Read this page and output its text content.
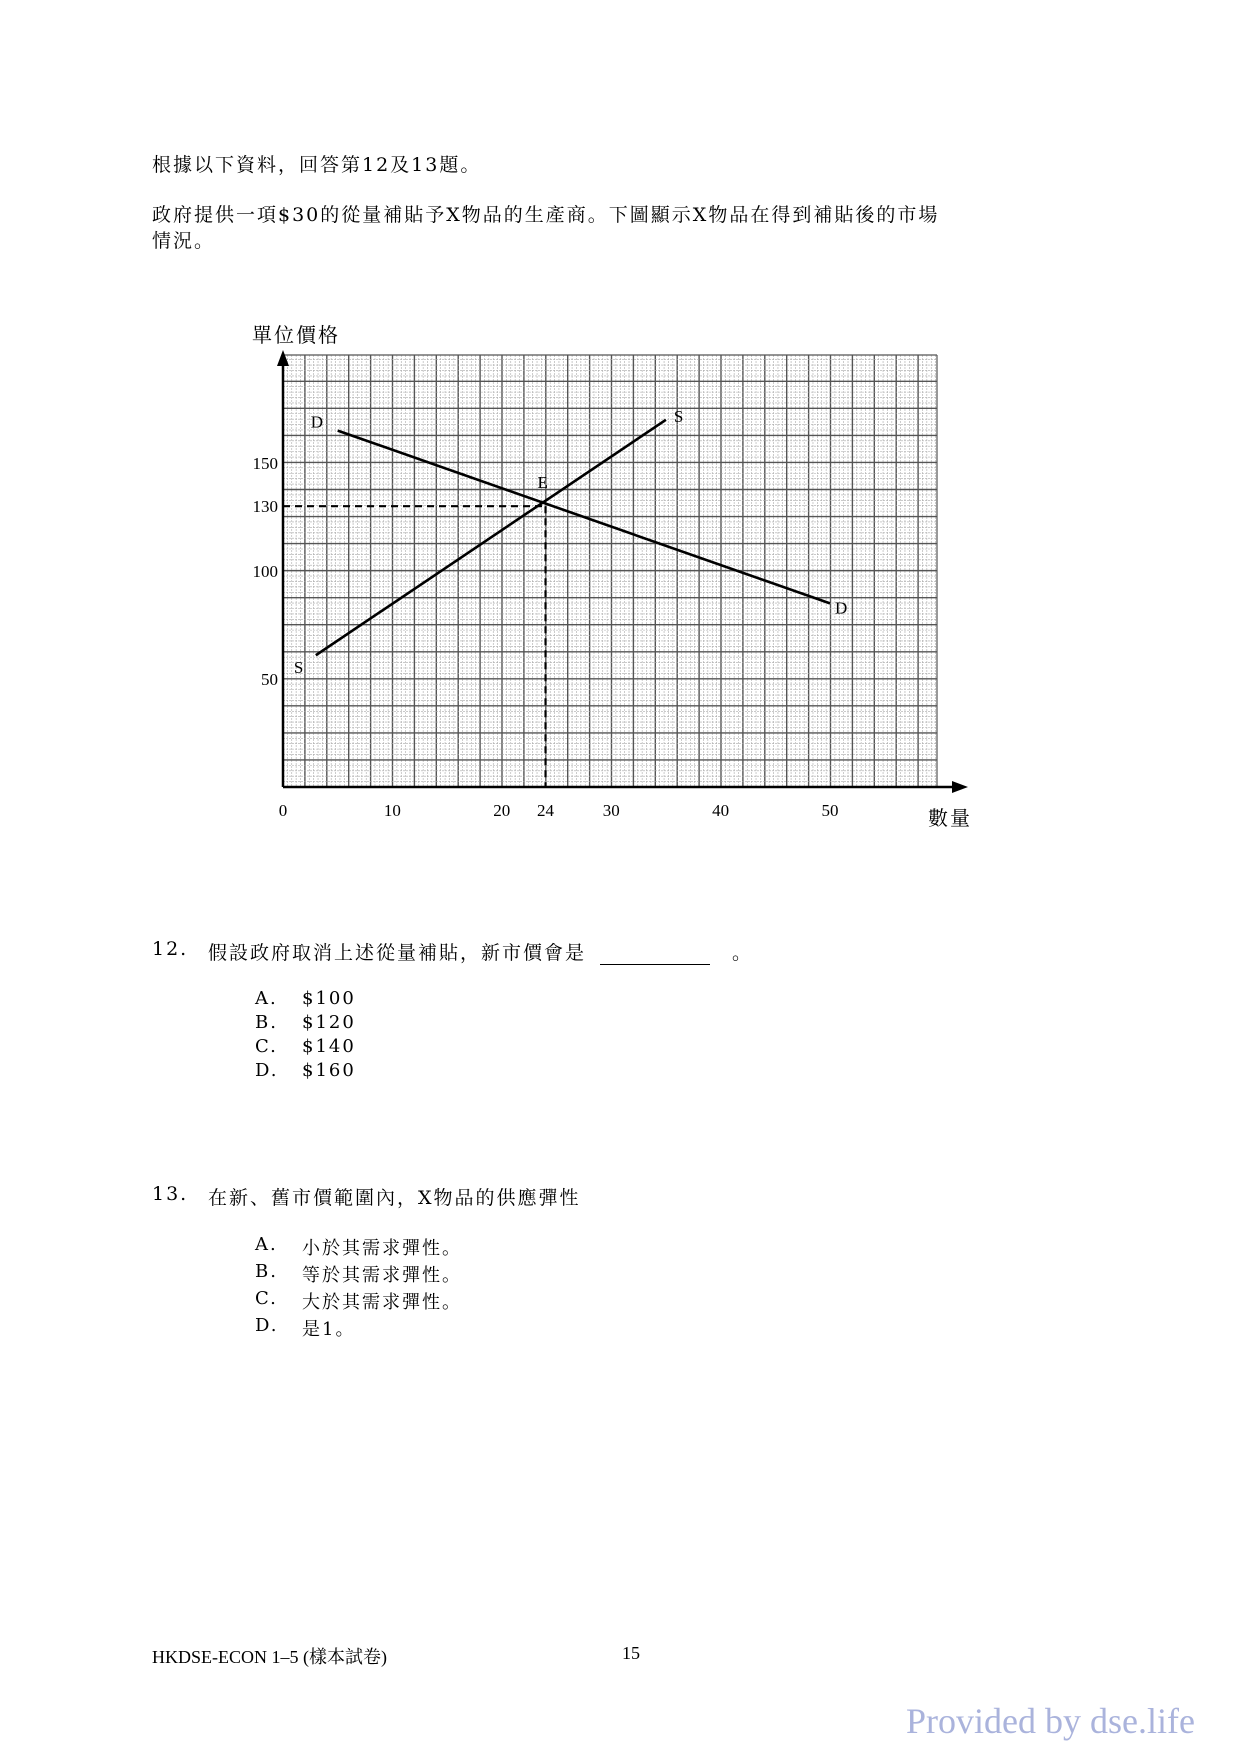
根據以下資料，回答第12及13題。
政府提供一項$30的從量補貼予X物品的生產商。下圖顯示X物品在得到補貼後的市場
情況。
單位價格
數量
0	10	20 24	30	40	50
50
100
130
150
D
D
S
S
E
12. 假設政府取消上述從量補貼，新市價會是	。
A. $100
B. $120
C. $140
D. $160
13. 在新、舊市價範圍內，X物品的供應彈性
A. 小於其需求彈性。
B. 等於其需求彈性。
C. 大於其需求彈性。
D. 是1。
HKDSE-ECON 1–5 (樣本試卷)	15
Provided by dse.life
